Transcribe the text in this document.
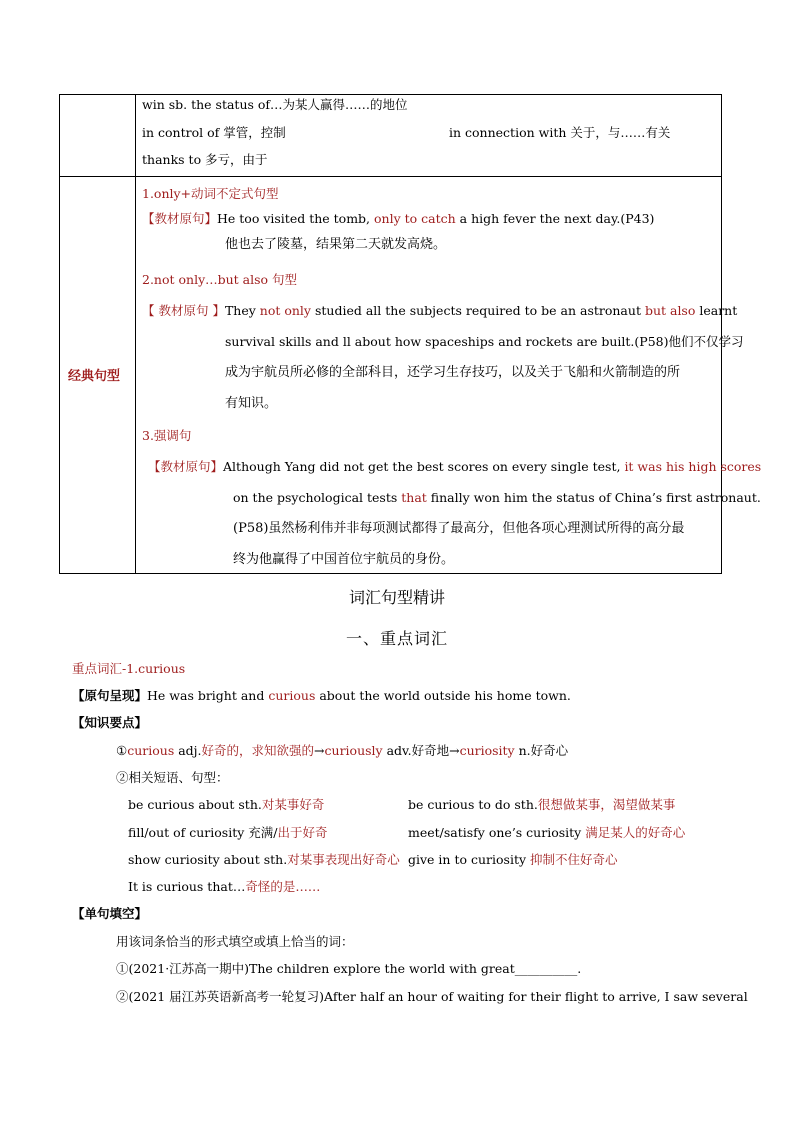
win sb. the status of…为某人赢得……的地位
in control of 掌管，控制	in connection with 关于，与……有关
thanks to 多亏，由于
经典句型
1.only+动词不定式句型
【教材原句】He too visited the tomb, only to catch a high fever the next day.(P43)
他也去了陵墓，结果第二天就发高烧。
2.not only…but also 句型
【 教材原句 】They not only studied all the subjects required to be an astronaut but also learnt
survival skills and ll about how spaceships and rockets are built.(P58)他们不仅学习
成为宇航员所必修的全部科目，还学习生存技巧，以及关于飞船和火箭制造的所
有知识。
3.强调句
【教材原句】Although Yang did not get the best scores on every single test, it was his high scores
on the psychological tests that finally won him the status of China’s first astronaut.
(P58)虽然杨利伟并非每项测试都得了最高分，但他各项心理测试所得的高分最
终为他赢得了中国首位宇航员的身份。
词汇句型精讲
一、重点词汇
重点词汇-1.curious
【原句呈现】He was bright and curious about the world outside his home town.
【知识要点】
①curious adj.好奇的，求知欲强的→curiously adv.好奇地→curiosity n.好奇心
②相关短语、句型：
be curious about sth.对某事好奇	be curious to do sth.很想做某事，渴望做某事
fill/out of curiosity 充满/出于好奇	meet/satisfy one’s curiosity 满足某人的好奇心
show curiosity about sth.对某事表现出好奇心 give in to curiosity 抑制不住好奇心
It is curious that…奇怪的是……
【单句填空】
用该词条恰当的形式填空或填上恰当的词：
①(2021·江苏高一期中)The children explore the world with great__________.
②(2021 届江苏英语新高考一轮复习)After half an hour of waiting for their flight to arrive, I saw several
